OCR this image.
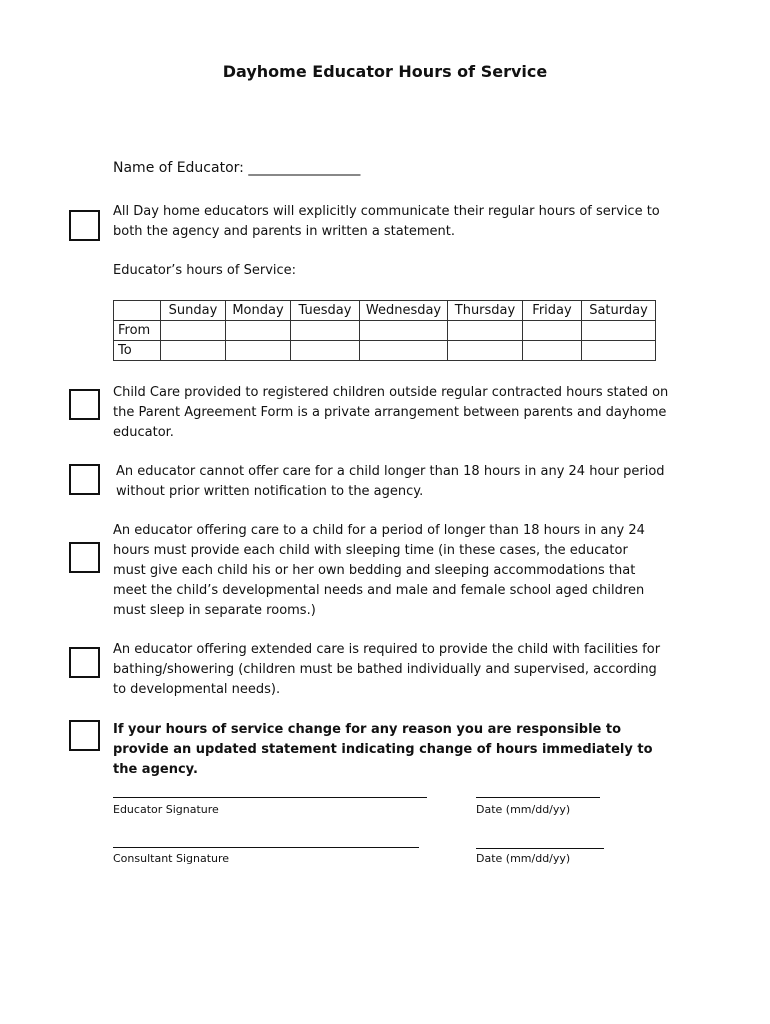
Dayhome Educator Hours of Service
Name of Educator: ________________
All Day home educators will explicitly communicate their regular hours of service to both the agency and parents in written a statement.
Educator’s hours of Service:
	Sunday	Monday	Tuesday	Wednesday	Thursday	Friday	Saturday
From							
To							
Child Care provided to registered children outside regular contracted hours stated on the Parent Agreement Form is a private arrangement between parents and dayhome educator.
An educator cannot offer care for a child longer than 18 hours in any 24 hour period without prior written notification to the agency.
An educator offering care to a child for a period of longer than 18 hours in any 24 hours must provide each child with sleeping time (in these cases, the educator must give each child his or her own bedding and sleeping accommodations that meet the child’s developmental needs and male and female school aged children must sleep in separate rooms.)
An educator offering extended care is required to provide the child with facilities for bathing/showering (children must be bathed individually and supervised, according to developmental needs).
If your hours of service change for any reason you are responsible to provide an updated statement indicating change of hours immediately to the agency.
Educator Signature	Date (mm/dd/yy)
Consultant Signature	Date (mm/dd/yy)
